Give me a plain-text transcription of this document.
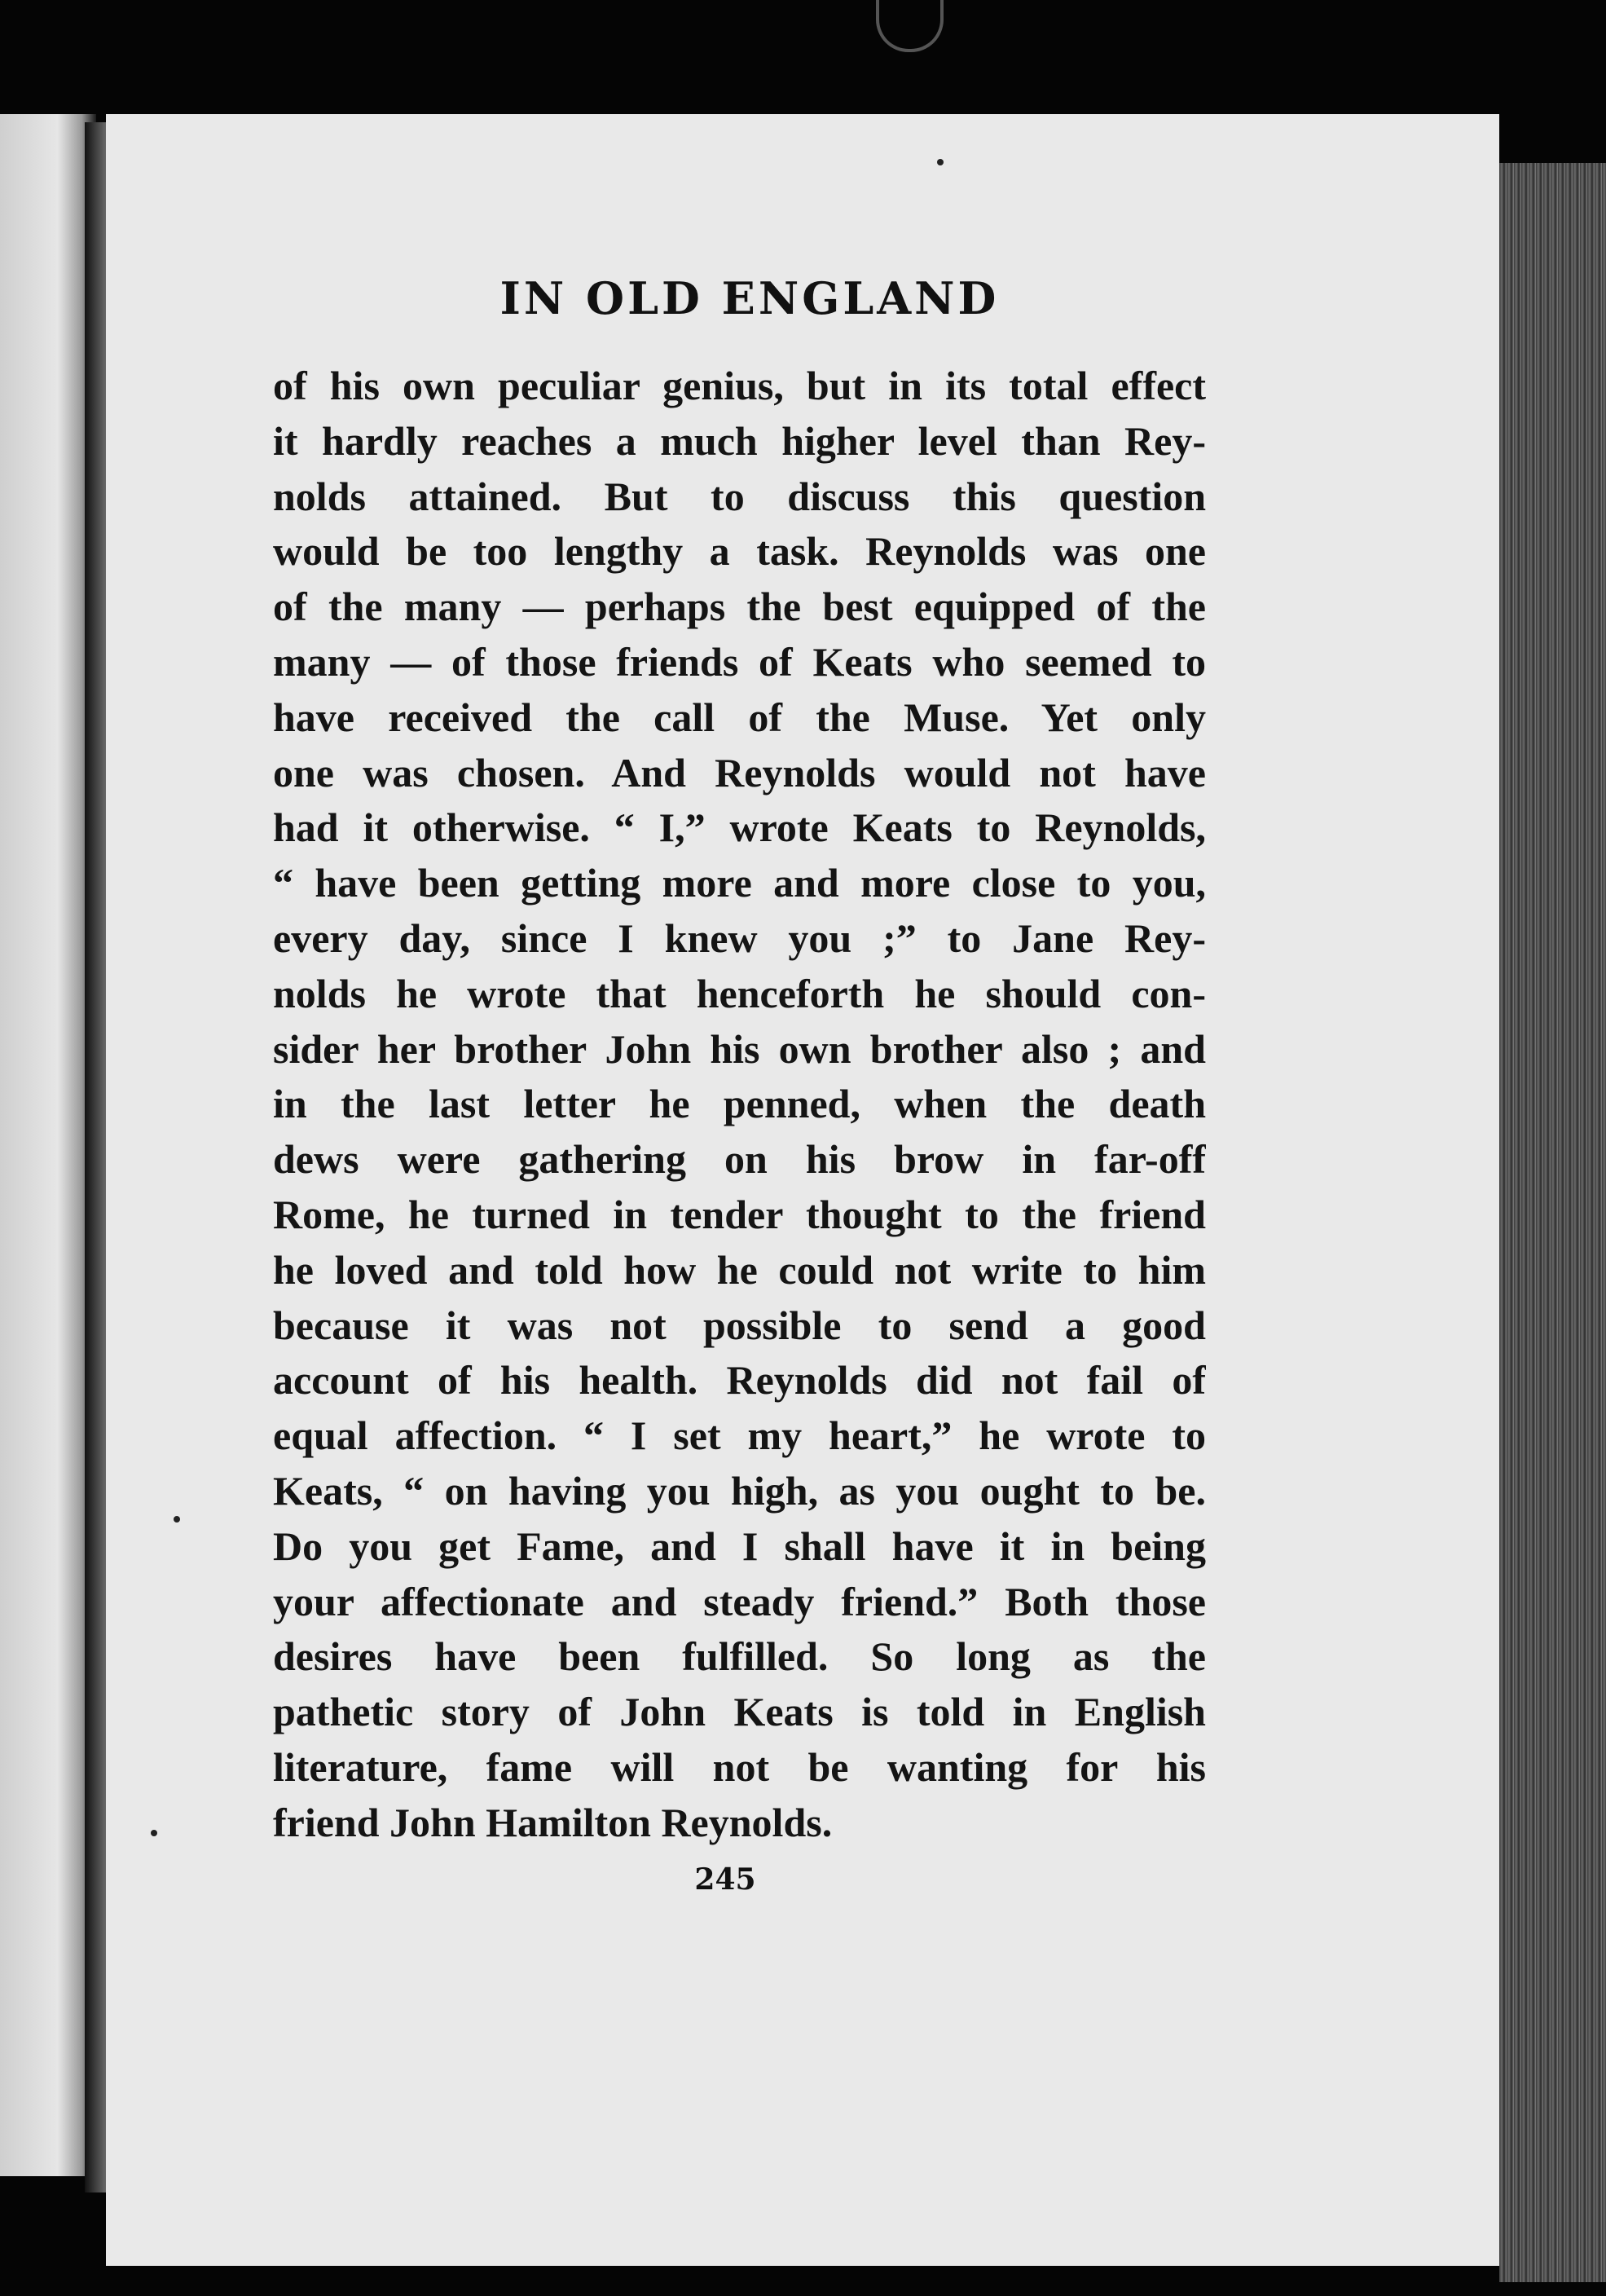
IN OLD ENGLAND
of his own peculiar genius, but in its total effect
it hardly reaches a much higher level than Rey-
nolds attained. But to discuss this question
would be too lengthy a task. Reynolds was one
of the many — perhaps the best equipped of the
many — of those friends of Keats who seemed to
have received the call of the Muse. Yet only
one was chosen. And Reynolds would not have
had it otherwise. “ I,” wrote Keats to Reynolds,
“ have been getting more and more close to you,
every day, since I knew you ;” to Jane Rey-
nolds he wrote that henceforth he should con-
sider her brother John his own brother also ; and
in the last letter he penned, when the death
dews were gathering on his brow in far-off
Rome, he turned in tender thought to the friend
he loved and told how he could not write to him
because it was not possible to send a good
account of his health. Reynolds did not fail of
equal affection. “ I set my heart,” he wrote to
Keats, “ on having you high, as you ought to be.
Do you get Fame, and I shall have it in being
your affectionate and steady friend.” Both those
desires have been fulfilled. So long as the
pathetic story of John Keats is told in English
literature, fame will not be wanting for his
friend John Hamilton Reynolds.
245
